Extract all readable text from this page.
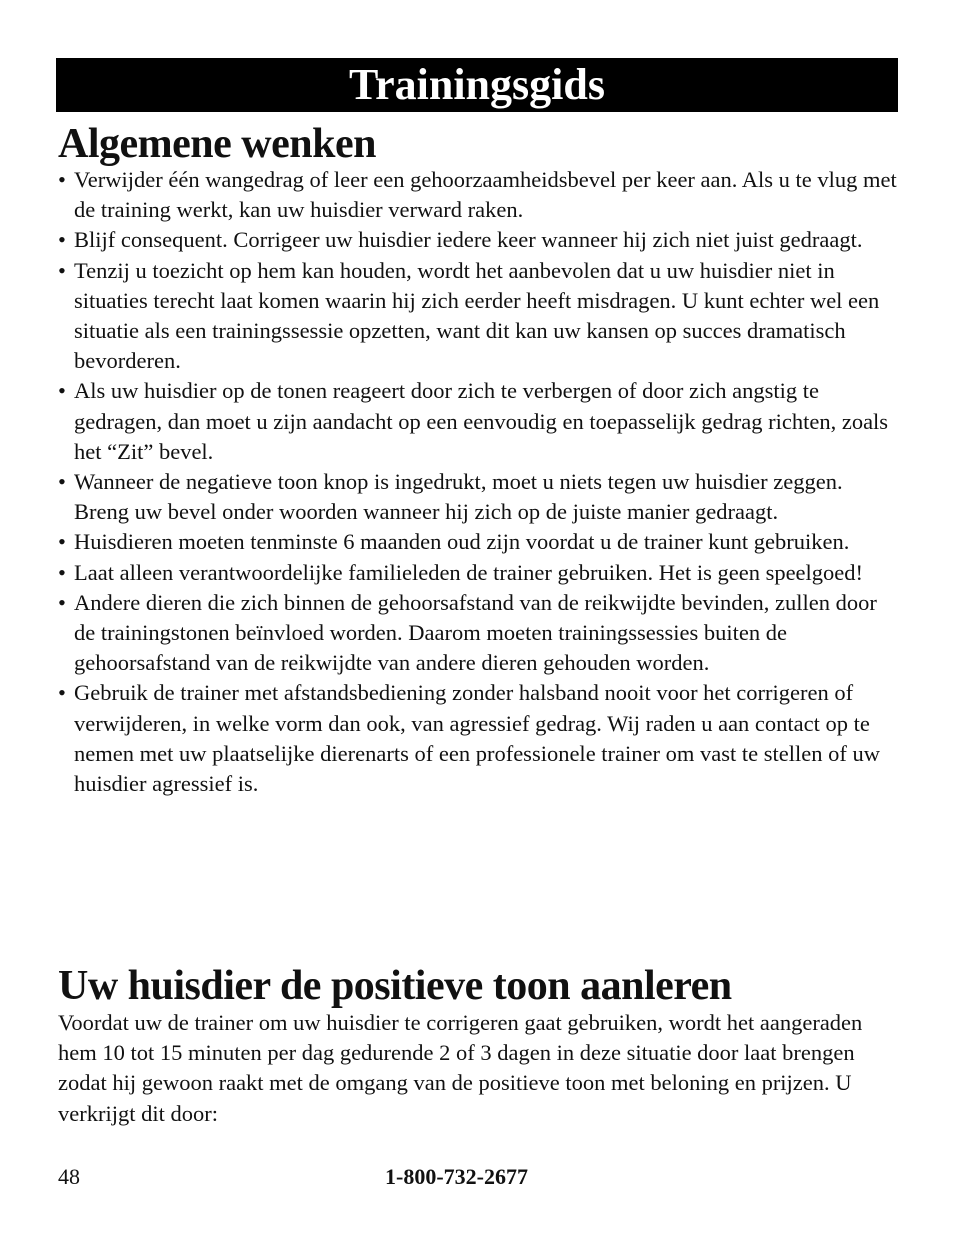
Trainingsgids
Algemene wenken
• Verwijder één wangedrag of leer een gehoorzaamheidsbevel per keer aan. Als u te vlug met de training werkt, kan uw huisdier verward raken.
• Blijf consequent. Corrigeer uw huisdier iedere keer wanneer hij zich niet juist gedraagt.
• Tenzij u toezicht op hem kan houden, wordt het aanbevolen dat u uw huisdier niet in situaties terecht laat komen waarin hij zich eerder heeft misdragen. U kunt echter wel een situatie als een trainingssessie opzetten, want dit kan uw kansen op succes dramatisch bevorderen.
• Als uw huisdier op de tonen reageert door zich te verbergen of door zich angstig te gedragen, dan moet u zijn aandacht op een eenvoudig en toepasselijk gedrag richten, zoals het “Zit” bevel.
• Wanneer de negatieve toon knop is ingedrukt, moet u niets tegen uw huisdier zeggen. Breng uw bevel onder woorden wanneer hij zich op de juiste manier gedraagt.
• Huisdieren moeten tenminste 6 maanden oud zijn voordat u de trainer kunt gebruiken.
• Laat alleen verantwoordelijke familieleden de trainer gebruiken. Het is geen speelgoed!
• Andere dieren die zich binnen de gehoorsafstand van de reikwijdte bevinden, zullen door de trainingstonen beïnvloed worden. Daarom moeten trainingssessies buiten de gehoorsafstand van de reikwijdte van andere dieren gehouden worden.
• Gebruik de trainer met afstandsbediening zonder halsband nooit voor het corrigeren of verwijderen, in welke vorm dan ook, van agressief gedrag. Wij raden u aan contact op te nemen met uw plaatselijke dierenarts of een professionele trainer om vast te stellen of uw huisdier agressief is.
Uw huisdier de positieve toon aanleren

Voordat uw de trainer om uw huisdier te corrigeren gaat gebruiken, wordt het aangeraden hem 10 tot 15 minuten per dag gedurende 2 of 3 dagen in deze situatie door laat brengen zodat hij gewoon raakt met de omgang van de positieve toon met beloning en prijzen. U verkrijgt dit door:

48	1-800-732-2677
